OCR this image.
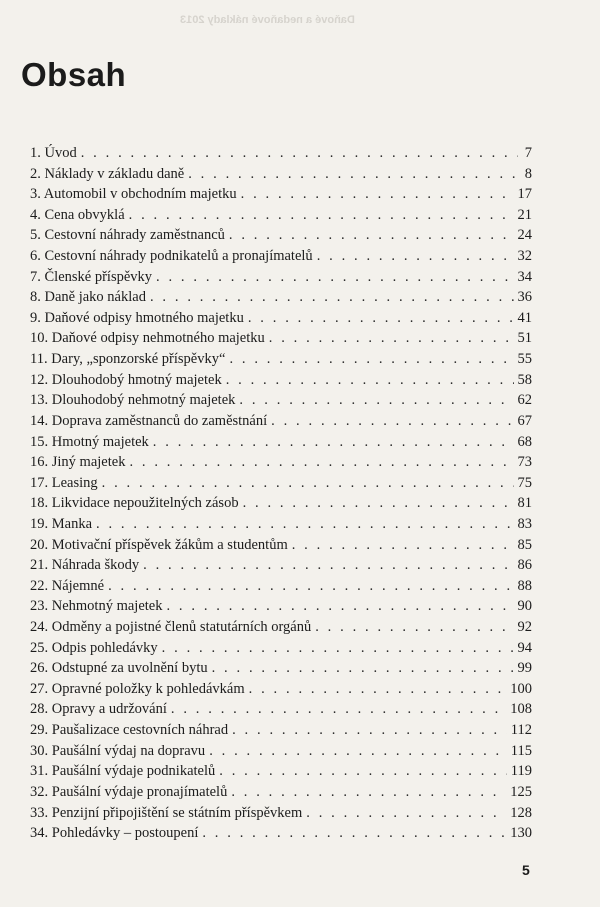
Daňové a nedaňové náklady 2013
Obsah
1. Úvod . . .	7
2. Náklady v základu daně . . .	8
3. Automobil v obchodním majetku . . .	17
4. Cena obvyklá . . .	21
5. Cestovní náhrady zaměstnanců . . .	24
6. Cestovní náhrady podnikatelů a pronajímatelů . . .	32
7. Členské příspěvky . . .	34
8. Daně jako náklad . . .	36
9. Daňové odpisy hmotného majetku . . .	41
10. Daňové odpisy nehmotného majetku . . .	51
11. Dary, „sponzorské příspěvky“ . . .	55
12. Dlouhodobý hmotný majetek . . .	58
13. Dlouhodobý nehmotný majetek . . .	62
14. Doprava zaměstnanců do zaměstnání . . .	67
15. Hmotný majetek . . .	68
16. Jiný majetek . . .	73
17. Leasing . . .	75
18. Likvidace nepoužitelných zásob . . .	81
19. Manka . . .	83
20. Motivační příspěvek žákům a studentům . . .	85
21. Náhrada škody . . .	86
22. Nájemné . . .	88
23. Nehmotný majetek . . .	90
24. Odměny a pojistné členů statutárních orgánů . . .	92
25. Odpis pohledávky . . .	94
26. Odstupné za uvolnění bytu . . .	99
27. Opravné položky k pohledávkám . . .	100
28. Opravy a udržování . . .	108
29. Paušalizace cestovních náhrad . . .	112
30. Paušální výdaj na dopravu . . .	115
31. Paušální výdaje podnikatelů . . .	119
32. Paušální výdaje pronajímatelů . . .	125
33. Penzijní připojištění se státním příspěvkem . . .	128
34. Pohledávky – postoupení . . .	130
5
